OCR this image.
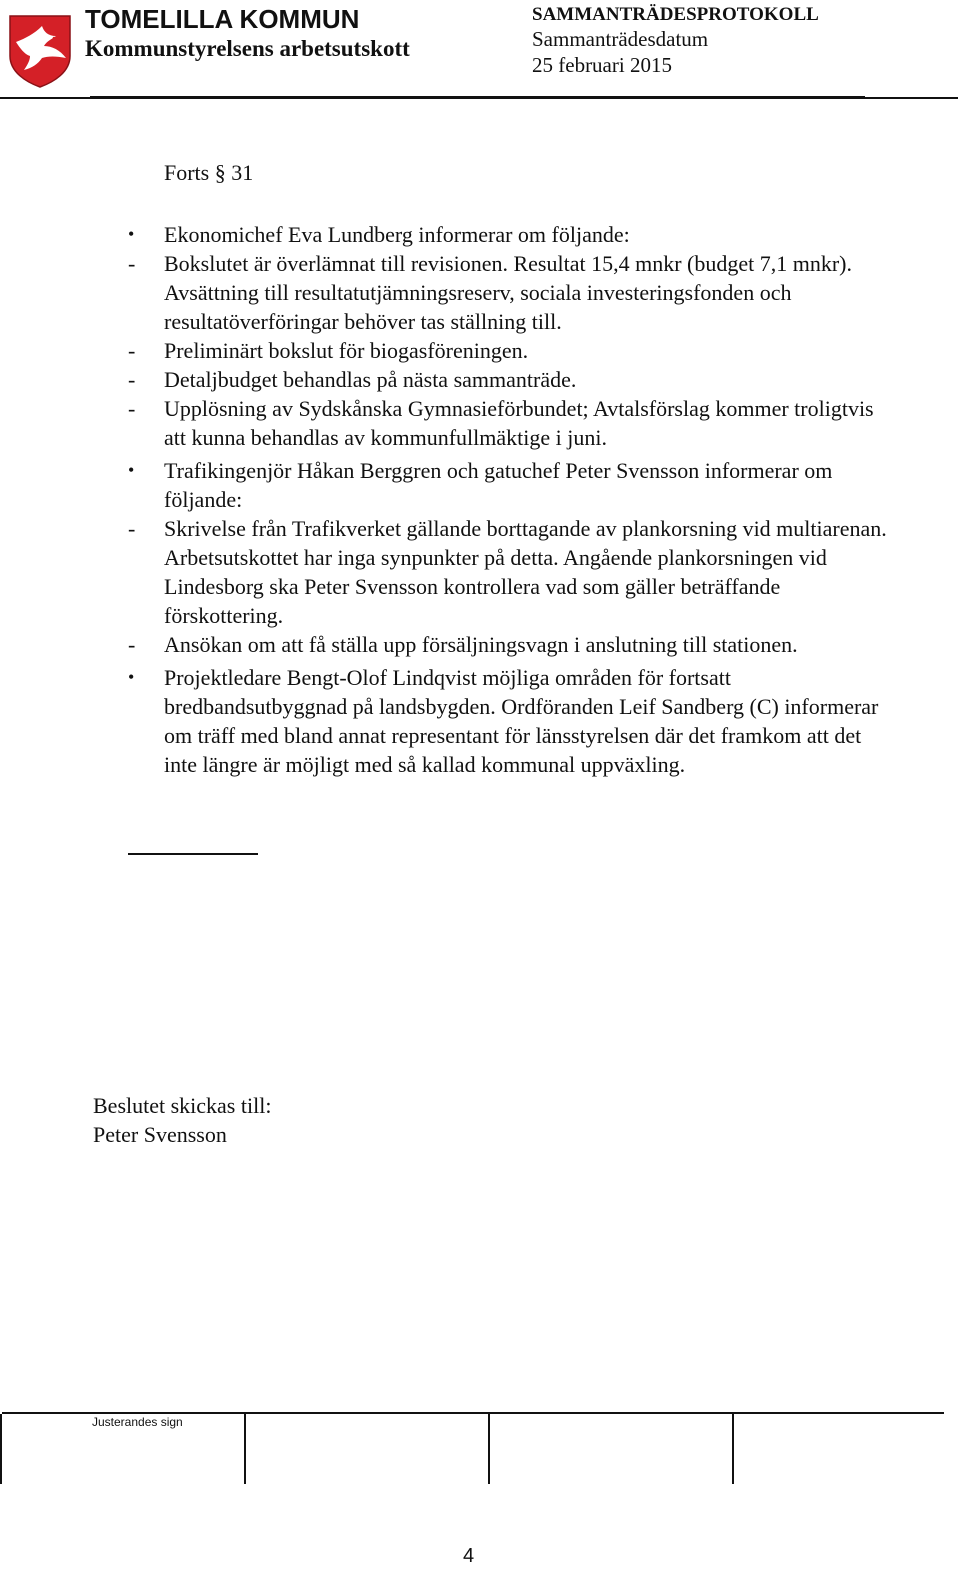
TOMELILLA KOMMUN
Kommunstyrelsens arbetsutskott
SAMMANTRÄDESPROTOKOLL
Sammanträdesdatum
25 februari 2015
Forts § 31
•	Ekonomichef Eva Lundberg informerar om följande:
-	Bokslutet är överlämnat till revisionen. Resultat 15,4 mnkr (budget 7,1 mnkr). Avsättning till resultatutjämningsreserv, sociala investeringsfonden och resultatöverföringar behöver tas ställning till.
-	Preliminärt bokslut för biogasföreningen.
-	Detaljbudget behandlas på nästa sammanträde.
-	Upplösning av Sydskånska Gymnasieförbundet; Avtalsförslag kommer troligtvis att kunna behandlas av kommunfullmäktige i juni.
•	Trafikingenjör Håkan Berggren och gatuchef Peter Svensson informerar om följande:
-	Skrivelse från Trafikverket gällande borttagande av plankorsning vid multiarenan. Arbetsutskottet har inga synpunkter på detta. Angående plankorsningen vid Lindesborg ska Peter Svensson kontrollera vad som gäller beträffande förskottering.
-	Ansökan om att få ställa upp försäljningsvagn i anslutning till stationen.
•	Projektledare Bengt-Olof Lindqvist möjliga områden för fortsatt bredbandsutbyggnad på landsbygden. Ordföranden Leif Sandberg (C) informerar om träff med bland annat representant för länsstyrelsen där det framkom att det inte längre är möjligt med så kallad kommunal uppväxling.
Beslutet skickas till:
Peter Svensson
Justerandes sign
4
